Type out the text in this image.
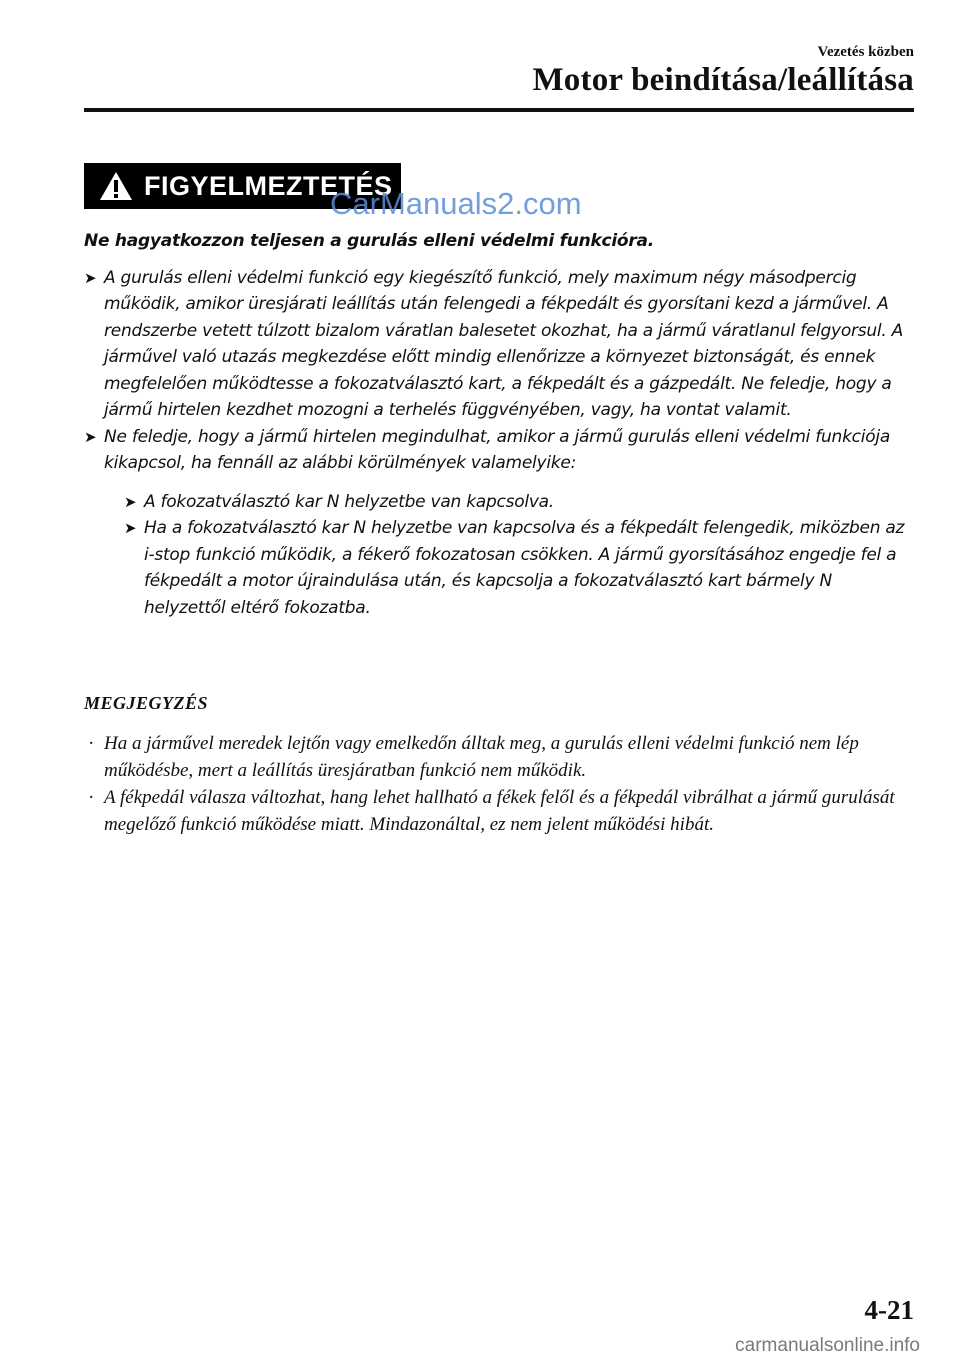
Vezetés közben
Motor beindítása/leállítása
FIGYELMEZTETÉS
CarManuals2.com

Ne hagyatkozzon teljesen a gurulás elleni védelmi funkcióra.

➤ A gurulás elleni védelmi funkció egy kiegészítő funkció, mely maximum négy másodpercig működik, amikor üresjárati leállítás után felengedi a fékpedált és gyorsítani kezd a járművel. A rendszerbe vetett túlzott bizalom váratlan balesetet okozhat, ha a jármű váratlanul felgyorsul. A járművel való utazás megkezdése előtt mindig ellenőrizze a környezet biztonságát, és ennek megfelelően működtesse a fokozatválasztó kart, a fékpedált és a gázpedált. Ne feledje, hogy a jármű hirtelen kezdhet mozogni a terhelés függvényében, vagy, ha vontat valamit.
➤ Ne feledje, hogy a jármű hirtelen megindulhat, amikor a jármű gurulás elleni védelmi funkciója kikapcsol, ha fennáll az alábbi körülmények valamelyike:
➤ A fokozatválasztó kar N helyzetbe van kapcsolva.
➤ Ha a fokozatválasztó kar N helyzetbe van kapcsolva és a fékpedált felengedik, miközben az i-stop funkció működik, a fékerő fokozatosan csökken. A jármű gyorsításához engedje fel a fékpedált a motor újraindulása után, és kapcsolja a fokozatválasztó kart bármely N helyzettől eltérő fokozatba.
MEGJEGYZÉS
· Ha a járművel meredek lejtőn vagy emelkedőn álltak meg, a gurulás elleni védelmi funkció nem lép működésbe, mert a leállítás üresjáratban funkció nem működik.
· A fékpedál válasza változhat, hang lehet hallható a fékek felől és a fékpedál vibrálhat a jármű gurulását megelőző funkció működése miatt. Mindazonáltal, ez nem jelent működési hibát.
4-21
carmanualsonline.info
